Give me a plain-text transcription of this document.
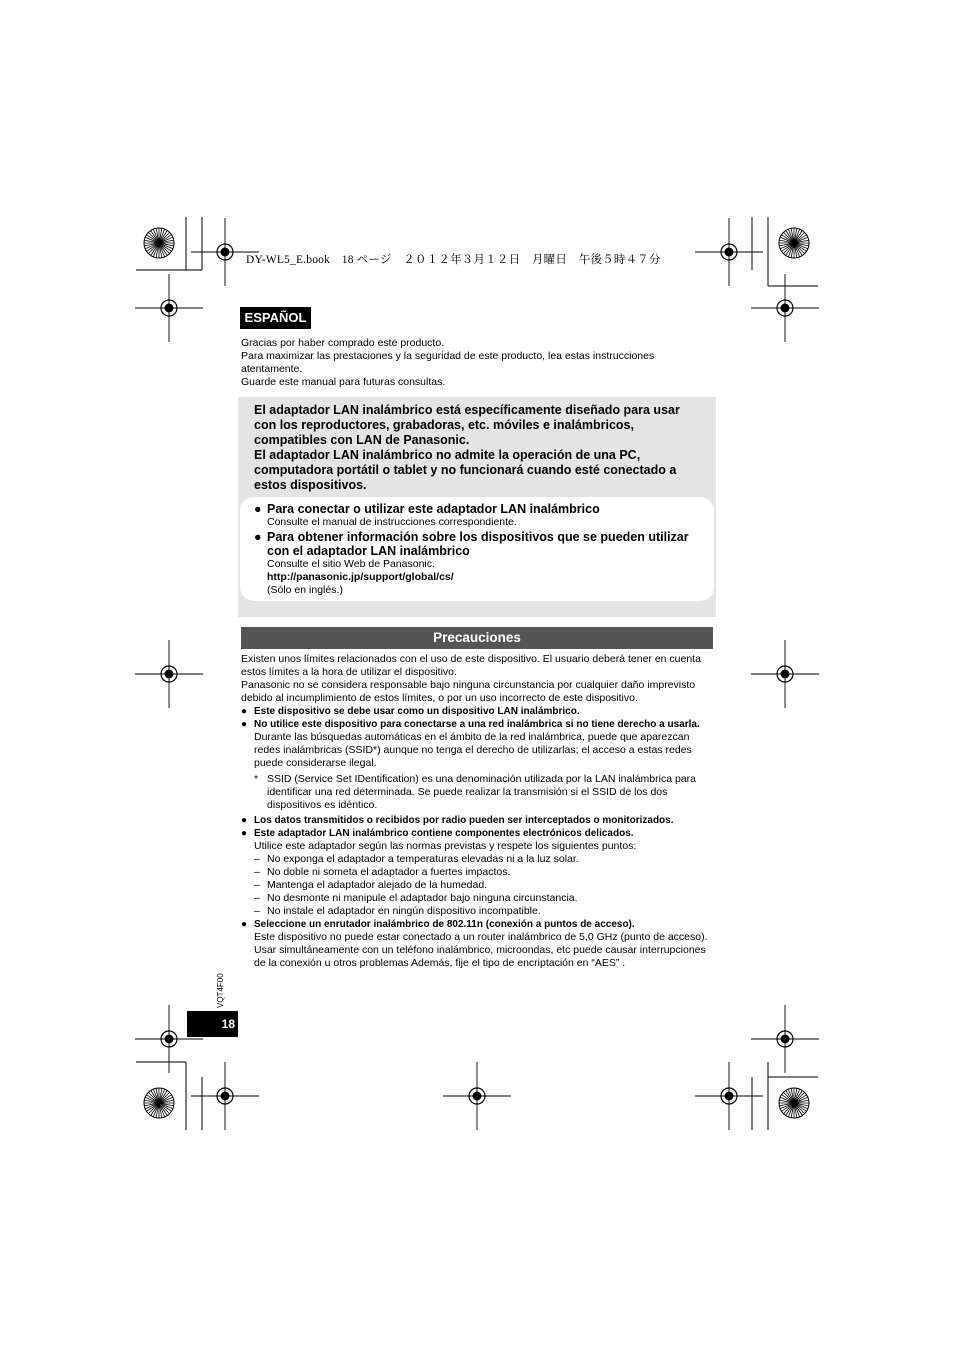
DY-WL5_E.book　18 ページ　２０１２年３月１２日　月曜日　午後５時４７分
ESPAÑOL
Gracias por haber comprado este producto.
Para maximizar las prestaciones y la seguridad de este producto, lea estas instrucciones atentamente.
Guarde este manual para futuras consultas.
El adaptador LAN inalámbrico está específicamente diseñado para usar con los reproductores, grabadoras, etc. móviles e inalámbricos, compatibles con LAN de Panasonic.
El adaptador LAN inalámbrico no admite la operación de una PC, computadora portátil o tablet y no funcionará cuando esté conectado a estos dispositivos.
● Para conectar o utilizar este adaptador LAN inalámbrico
Consulte el manual de instrucciones correspondiente.
● Para obtener información sobre los dispositivos que se pueden utilizar con el adaptador LAN inalámbrico
Consulte el sitio Web de Panasonic.
http://panasonic.jp/support/global/cs/
(Sólo en inglés.)
Precauciones

Existen unos límites relacionados con el uso de este dispositivo. El usuario deberá tener en cuenta estos límites a la hora de utilizar el dispositivo.

Panasonic no se considera responsable bajo ninguna circunstancia por cualquier daño imprevisto debido al incumplimiento de estos límites, o por un uso incorrecto de este dispositivo.

● Este dispositivo se debe usar como un dispositivo LAN inalámbrico.
● No utilice este dispositivo para conectarse a una red inalámbrica si no tiene derecho a usarla.
Durante las búsquedas automáticas en el ámbito de la red inalámbrica, puede que aparezcan redes inalámbricas (SSID*) aunque no tenga el derecho de utilizarlas; el acceso a estas redes puede considerarse ilegal.
* SSID (Service Set IDentification) es una denominación utilizada por la LAN inalámbrica para identificar una red determinada. Se puede realizar la transmisión si el SSID de los dos dispositivos es idéntico.
● Los datos transmitidos o recibidos por radio pueden ser interceptados o monitorizados.
● Este adaptador LAN inalámbrico contiene componentes electrónicos delicados.
Utilice este adaptador según las normas previstas y respete los siguientes puntos:
– No exponga el adaptador a temperaturas elevadas ni a la luz solar.
– No doble ni someta el adaptador a fuertes impactos.
– Mantenga el adaptador alejado de la humedad.
– No desmonte ni manipule el adaptador bajo ninguna circunstancia.
– No instale el adaptador en ningún dispositivo incompatible.
● Seleccione un enrutador inalámbrico de 802.11n (conexión a puntos de acceso).
Este dispositivo no puede estar conectado a un router inalámbrico de 5,0 GHz (punto de acceso).
Usar simultáneamente con un teléfono inalámbrico, microondas, etc puede causar interrupciones de la conexión u otros problemas Además, fije el tipo de encriptación en “AES” .
VQT4F00
18
